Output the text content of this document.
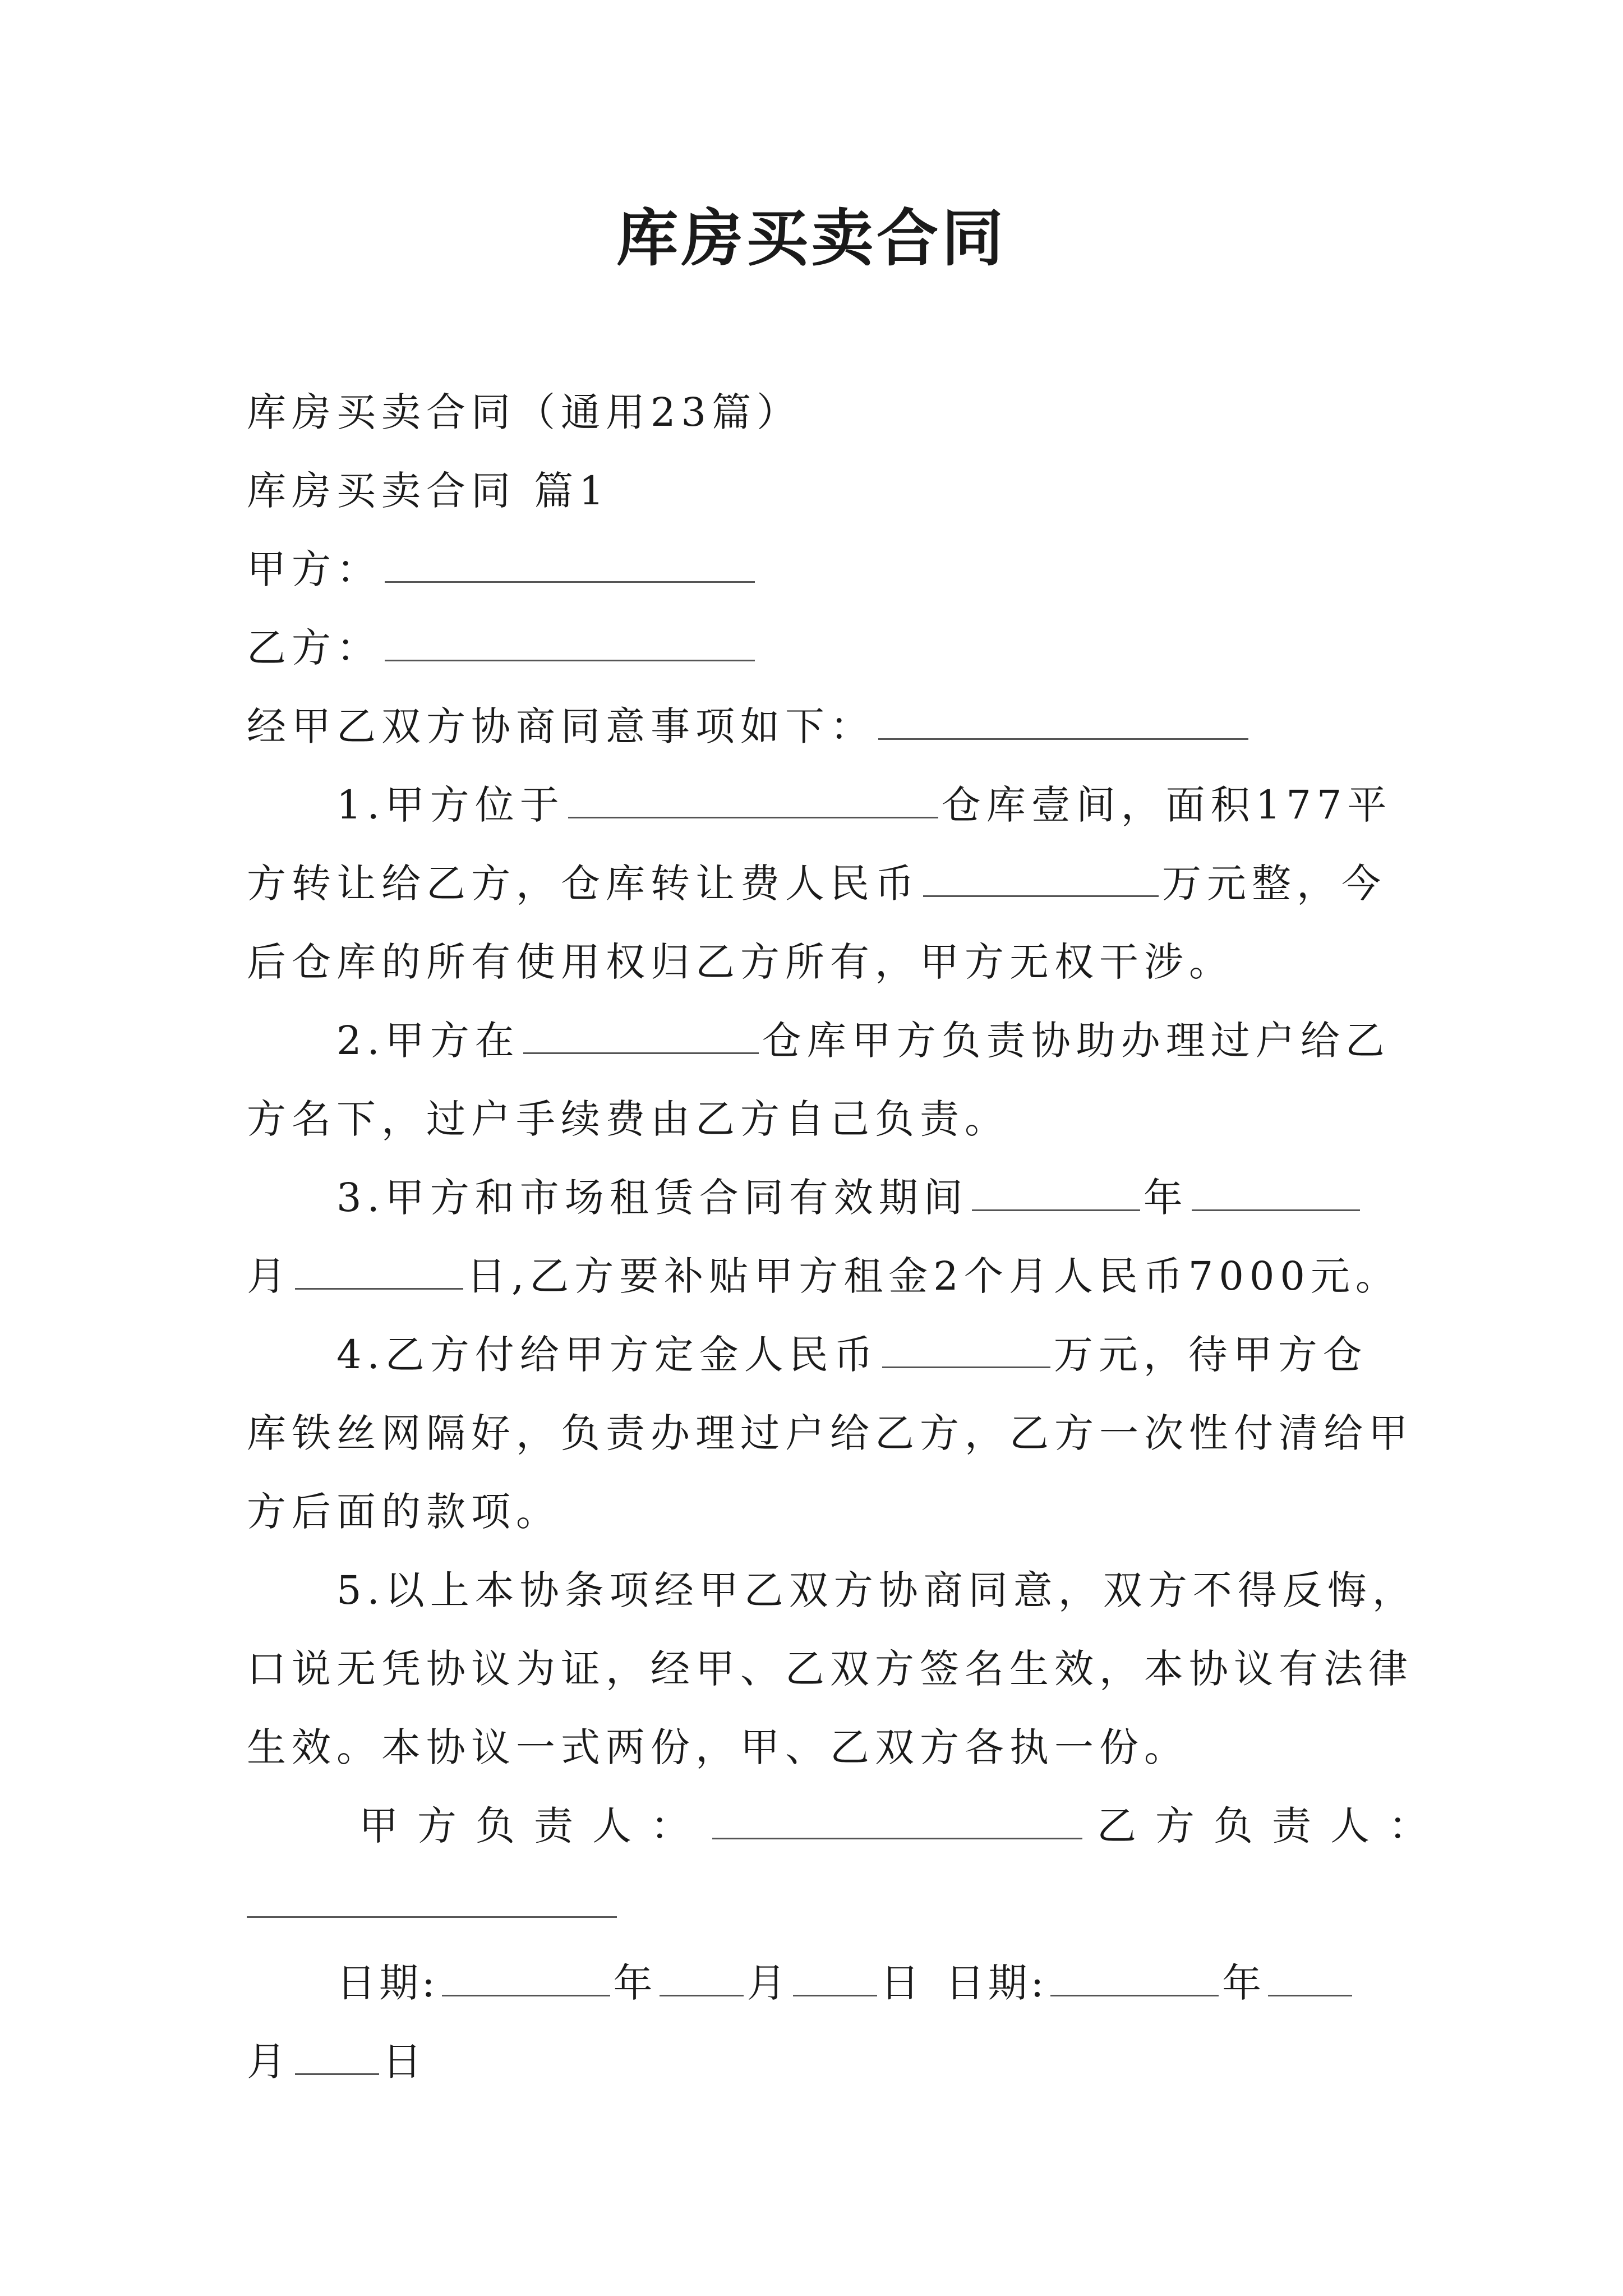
库房买卖合同
库房买卖合同（通用23篇）
库房买卖合同 篇1
甲方：
乙方：
经甲乙双方协商同意事项如下：
1.甲方位于	仓库壹间，面积177平
方转让给乙方，仓库转让费人民币	万元整，今
后仓库的所有使用权归乙方所有，甲方无权干涉。
2.甲方在	仓库甲方负责协助办理过户给乙
方名下，过户手续费由乙方自己负责。
3.甲方和市场租赁合同有效期间	年
月	日,乙方要补贴甲方租金2个月人民币7000元。
4.乙方付给甲方定金人民币	万元，待甲方仓
库铁丝网隔好，负责办理过户给乙方，乙方一次性付清给甲
方后面的款项。
5.以上本协条项经甲乙双方协商同意，双方不得反悔，
口说无凭协议为证，经甲、乙双方签名生效，本协议有法律
生效。本协议一式两份，甲、乙双方各执一份。
甲方负责人：	乙方负责人：
日期:	年 月 日 日期:	年
月 日
